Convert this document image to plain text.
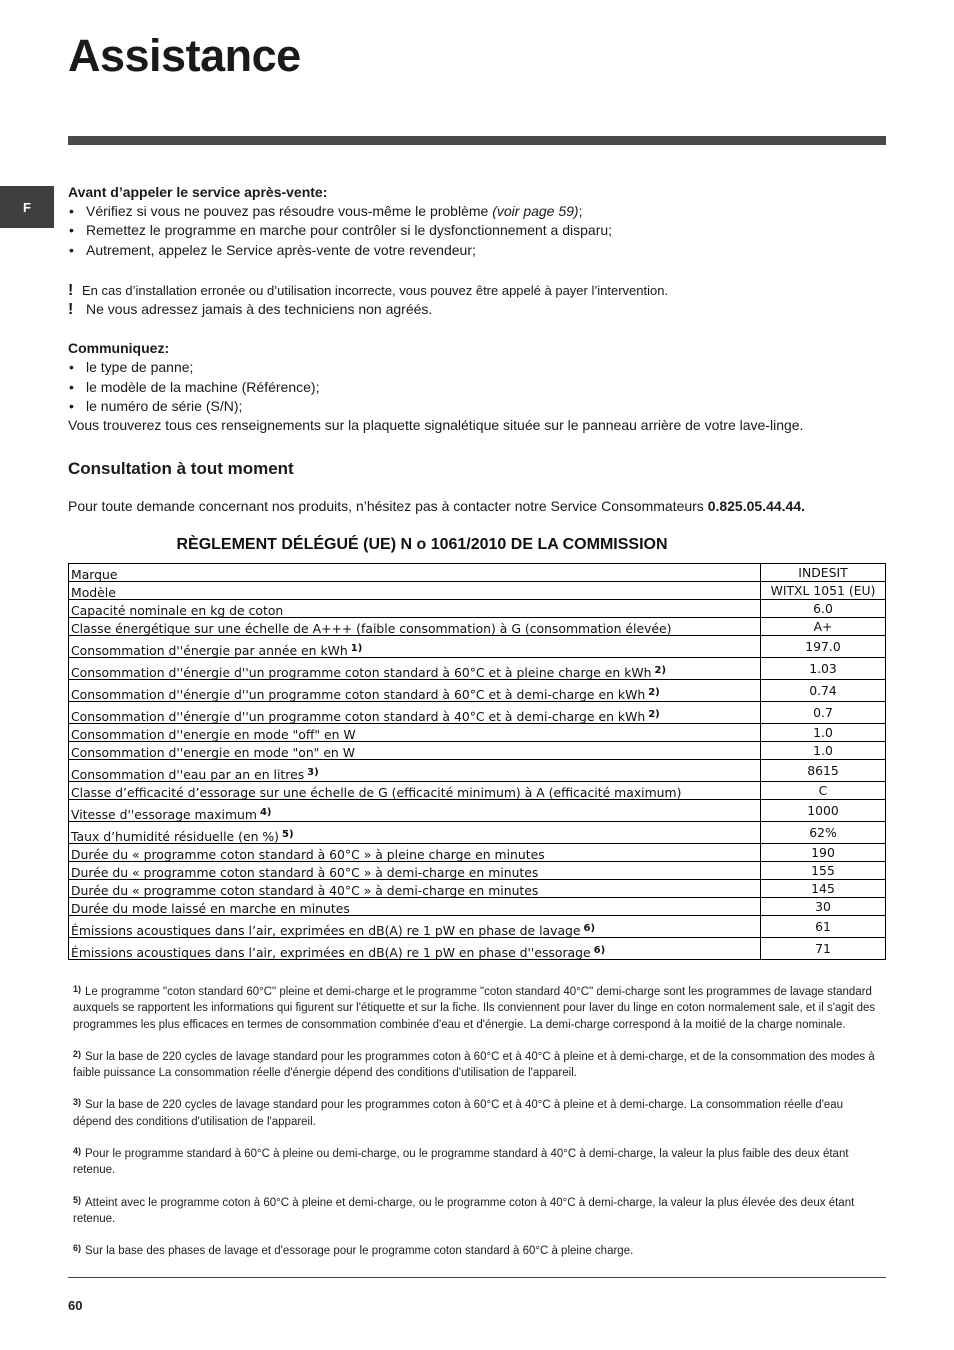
Assistance
F

Avant d’appeler le service après-vente:

• Vérifiez si vous ne pouvez pas résoudre vous-même le problème (voir page 59);
• Remettez le programme en marche pour contrôler si le dysfonctionnement a disparu;
• Autrement, appelez le Service après-vente de votre revendeur;

! En cas d’installation erronée ou d’utilisation incorrecte, vous pouvez être appelé à payer l’intervention.

! Ne vous adressez jamais à des techniciens non agréés.

Communiquez:

• le type de panne;
• le modèle de la machine (Référence);
• le numéro de série (S/N);

Vous trouverez tous ces renseignements sur la plaquette signalétique située sur le panneau arrière de votre lave-linge.

Consultation à tout moment

Pour toute demande concernant nos produits, n’hésitez pas à contacter notre Service Consommateurs 0.825.05.44.44.

RÈGLEMENT DÉLÉGUÉ (UE) N o 1061/2010 DE LA COMMISSION

Marque	INDESIT
Modèle	WITXL 1051 (EU)
Capacité nominale en kg de coton	6.0
Classe énergétique sur une échelle de A+++ (faible consommation) à G (consommation élevée)	A+
Consommation d''énergie par année en kWh $^{1)}$	197.0
Consommation d''énergie d''un programme coton standard à 60°C et à pleine charge en kWh $^{2)}$	1.03
Consommation d''énergie d''un programme coton standard à 60°C et à demi-charge en kWh $^{2)}$	0.74
Consommation d''énergie d''un programme coton standard à 40°C et à demi-charge en kWh $^{2)}$	0.7
Consommation d''energie en mode "off" en W	1.0
Consommation d''energie en mode "on" en W	1.0
Consommation d''eau par an en litres $^{3)}$	8615
Classe d’efficacité d’essorage sur une échelle de G (efficacité minimum) à A (efficacité maximum)	C
Vitesse d''essorage maximum $^{4)}$	1000
Taux d’humidité résiduelle (en %) $^{5)}$	62%
Durée du « programme coton standard à 60°C » à pleine charge en minutes	190
Durée du « programme coton standard à 60°C » à demi-charge en minutes	155
Durée du « programme coton standard à 40°C » à demi-charge en minutes	145
Durée du mode laissé en marche en minutes	30
Émissions acoustiques dans l’air, exprimées en dB(A) re 1 pW en phase de lavage $^{6)}$	61
Émissions acoustiques dans l’air, exprimées en dB(A) re 1 pW en phase d''essorage $^{6)}$	71

$^{1)}$ Le programme "coton standard 60°C" pleine et demi-charge et le programme "coton standard 40°C" demi-charge sont les programmes de lavage standard auxquels se rapportent les informations qui figurent sur l'étiquette et sur la fiche. Ils conviennent pour laver du linge en coton normalement sale, et il s'agit des programmes les plus efficaces en termes de consommation combinée d'eau et d'énergie. La demi-charge correspond à la moitié de la charge nominale.

$^{2)}$ Sur la base de 220 cycles de lavage standard pour les programmes coton à 60°C et à 40°C à pleine et à demi-charge, et de la consommation des modes à faible puissance La consommation réelle d'énergie dépend des conditions d'utilisation de l'appareil.

$^{3)}$ Sur la base de 220 cycles de lavage standard pour les programmes coton à 60°C et à 40°C à pleine et à demi-charge. La consommation réelle d'eau dépend des conditions d'utilisation de l'appareil.

$^{4)}$ Pour le programme standard à 60°C à pleine ou demi-charge, ou le programme standard à 40°C à demi-charge, la valeur la plus faible des deux étant retenue.

$^{5)}$ Atteint avec le programme coton à 60°C à pleine et demi-charge, ou le programme coton à 40°C à demi-charge, la valeur la plus élevée des deux étant retenue.

$^{6)}$ Sur la base des phases de lavage et d'essorage pour le programme coton standard à 60°C à pleine charge.

60
